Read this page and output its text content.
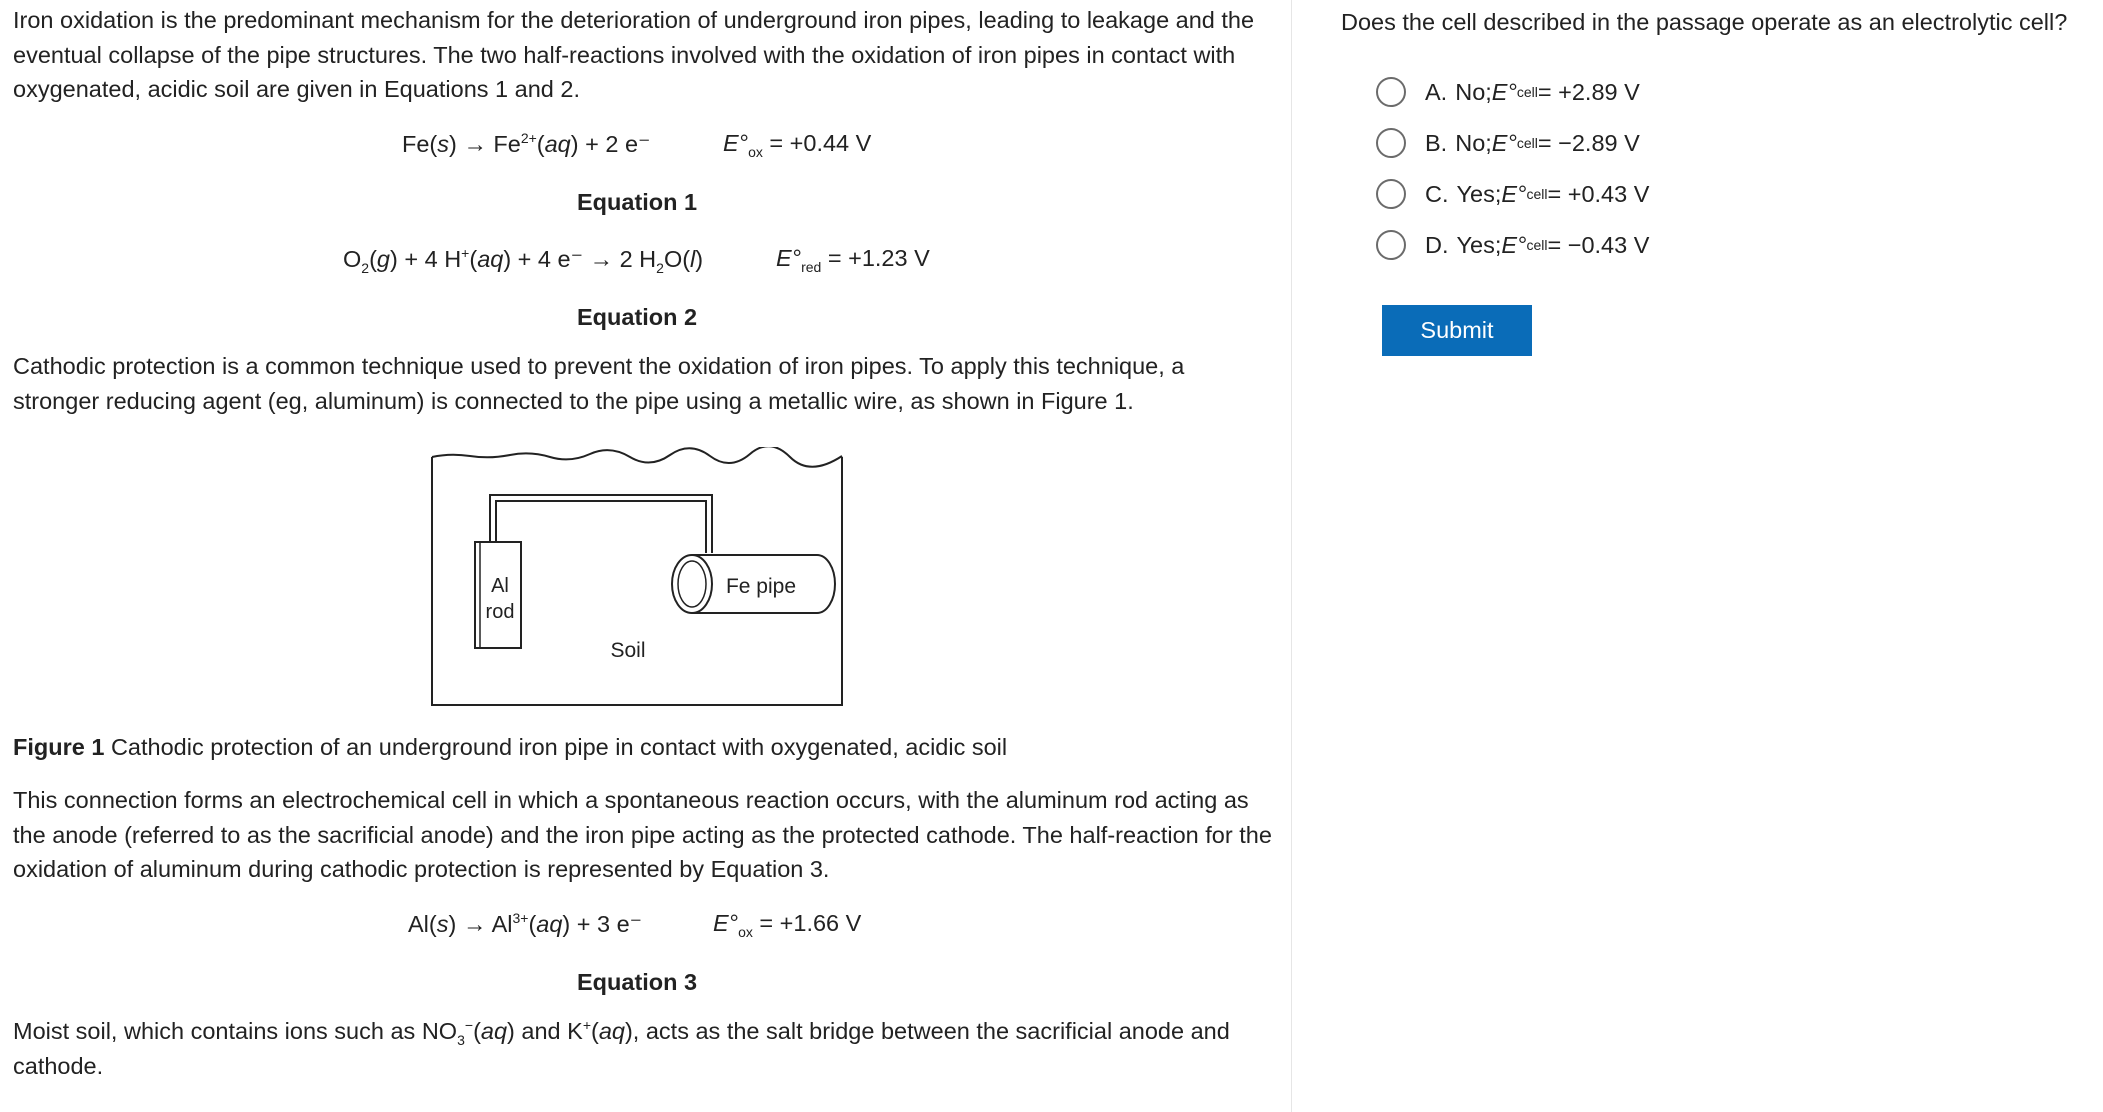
Iron oxidation is the predominant mechanism for the deterioration of underground iron pipes, leading to leakage and the eventual collapse of the pipe structures. The two half-reactions involved with the oxidation of iron pipes in contact with oxygenated, acidic soil are given in Equations 1 and 2.

$Fe(s) \to Fe^{2+}(aq) + 2$ e⁻	$E^\circ_{ox} = +0.44$ V
Equation 1
$O_2(g) + 4$ H+(aq) + 4 e⁻ → 2 $H_2O(l)$	$E^\circ_{red} = +1.23$ V
Equation 2

Cathodic protection is a common technique used to prevent the oxidation of iron pipes. To apply this technique, a stronger reducing agent (eg, aluminum) is connected to the pipe using a metallic wire, as shown in Figure 1.

Al
rod
Fe pipe
Soil
Figure 1 Cathodic protection of an underground iron pipe in contact with oxygenated, acidic soil

This connection forms an electrochemical cell in which a spontaneous reaction occurs, with the aluminum rod acting as the anode (referred to as the sacrificial anode) and the iron pipe acting as the protected cathode. The half-reaction for the oxidation of aluminum during cathodic protection is represented by Equation 3.

$Al(s) \to Al^{3+}(aq) + 3$ e⁻	$E^\circ_{ox} = +1.66$ V
Equation 3

Moist soil, which contains ions such as $NO_3^-(aq)$ and K+(aq), acts as the salt bridge between the sacrificial anode and cathode.

Does the cell described in the passage operate as an electrolytic cell?
A. No; E° cell = +2.89 V
B. No; E° cell = −2.89 V
C. Yes; E° cell = +0.43 V
D. Yes; E° cell = −0.43 V
Submit
